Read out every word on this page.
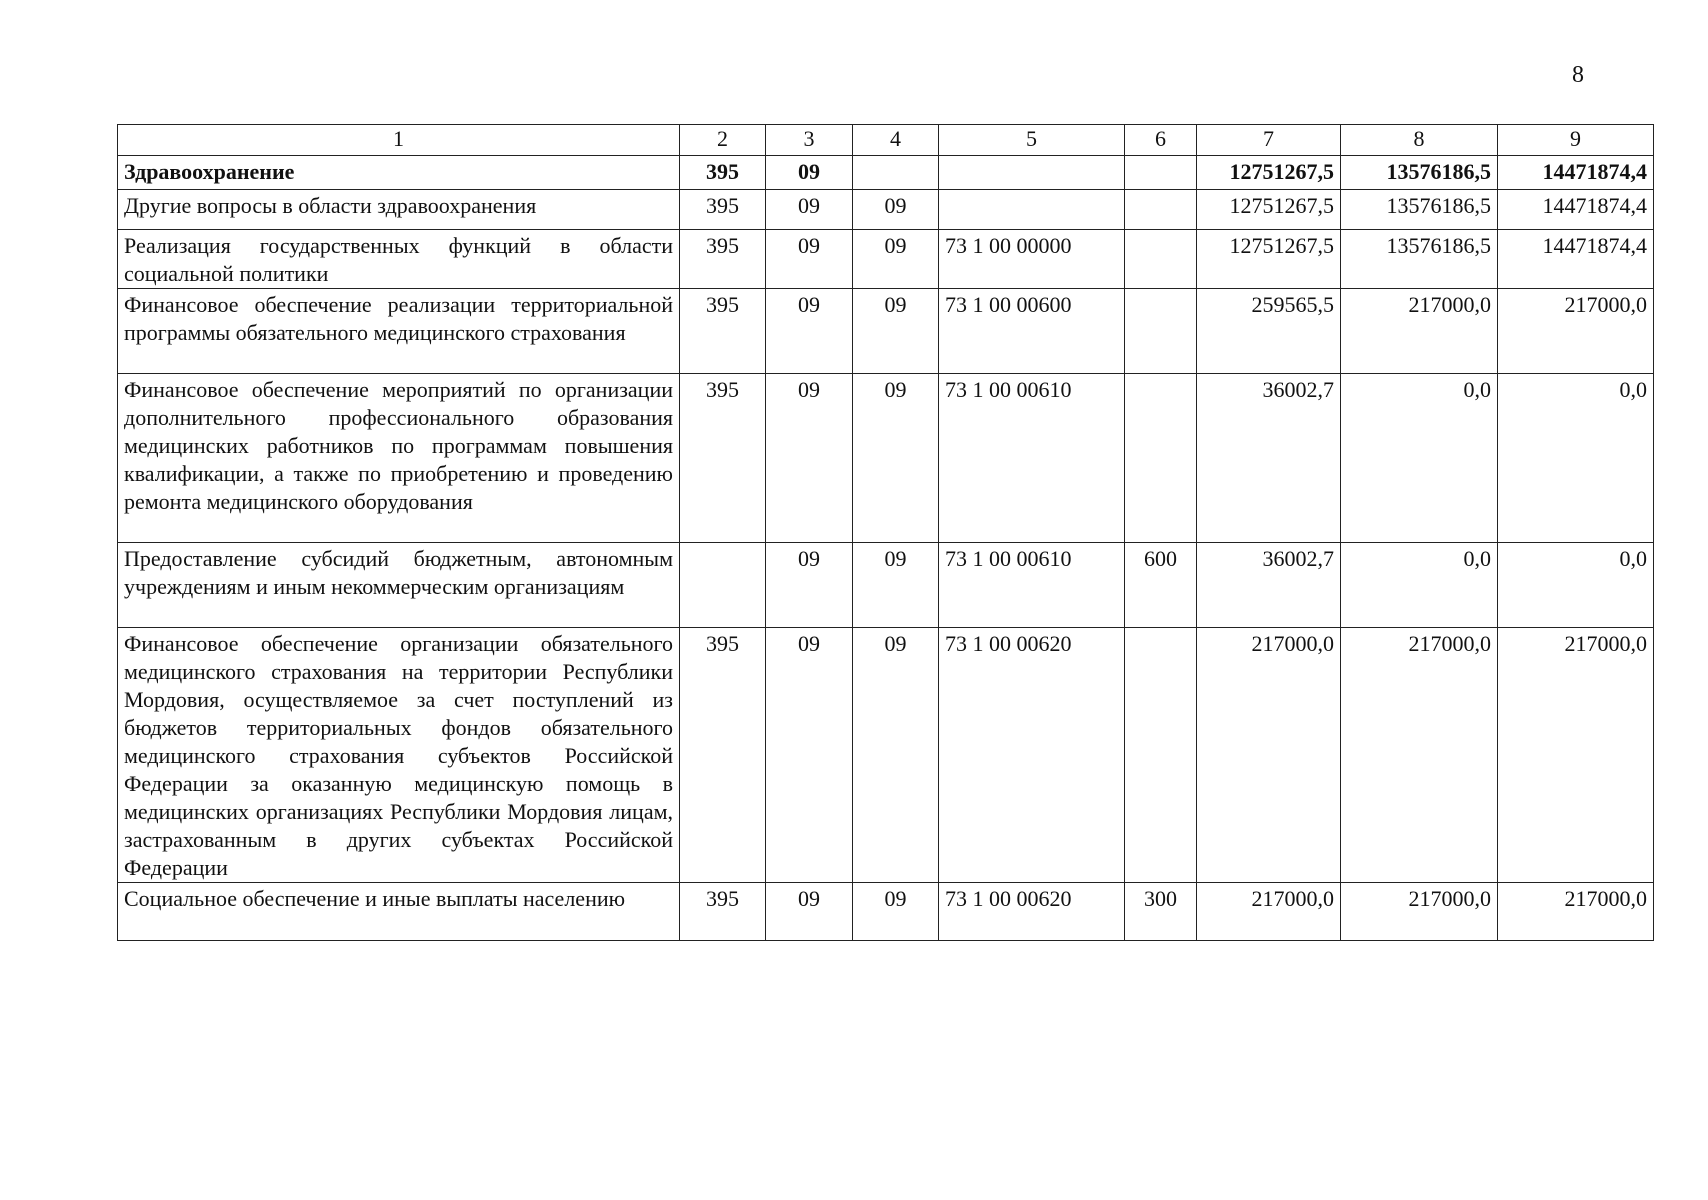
8
1	2	3	4	5	6	7	8	9
Здравоохранение	395	09				12751267,5	13576186,5	14471874,4
Другие вопросы в области здравоохранения	395	09	09			12751267,5	13576186,5	14471874,4
Реализация государственных функций в области социальной политики	395	09	09	73 1 00 00000		12751267,5	13576186,5	14471874,4
Финансовое обеспечение реализации территориальной программы обязательного медицинского страхования	395	09	09	73 1 00 00600		259565,5	217000,0	217000,0
Финансовое обеспечение мероприятий по организации дополнительного профессионального образования медицинских работников по программам повышения квалификации, а также по приобретению и проведению ремонта медицинского оборудования	395	09	09	73 1 00 00610		36002,7	0,0	0,0
Предоставление субсидий бюджетным, автономным учреждениям и иным некоммерческим организациям		09	09	73 1 00 00610	600	36002,7	0,0	0,0
Финансовое обеспечение организации обязательного медицинского страхования на территории Республики Мордовия, осуществляемое за счет поступлений из бюджетов территориальных фондов обязательного медицинского страхования субъектов Российской Федерации за оказанную медицинскую помощь в медицинских организациях Республики Мордовия лицам, застрахованным в других субъектах Российской Федерации	395	09	09	73 1 00 00620		217000,0	217000,0	217000,0
Социальное обеспечение и иные выплаты населению	395	09	09	73 1 00 00620	300	217000,0	217000,0	217000,0
